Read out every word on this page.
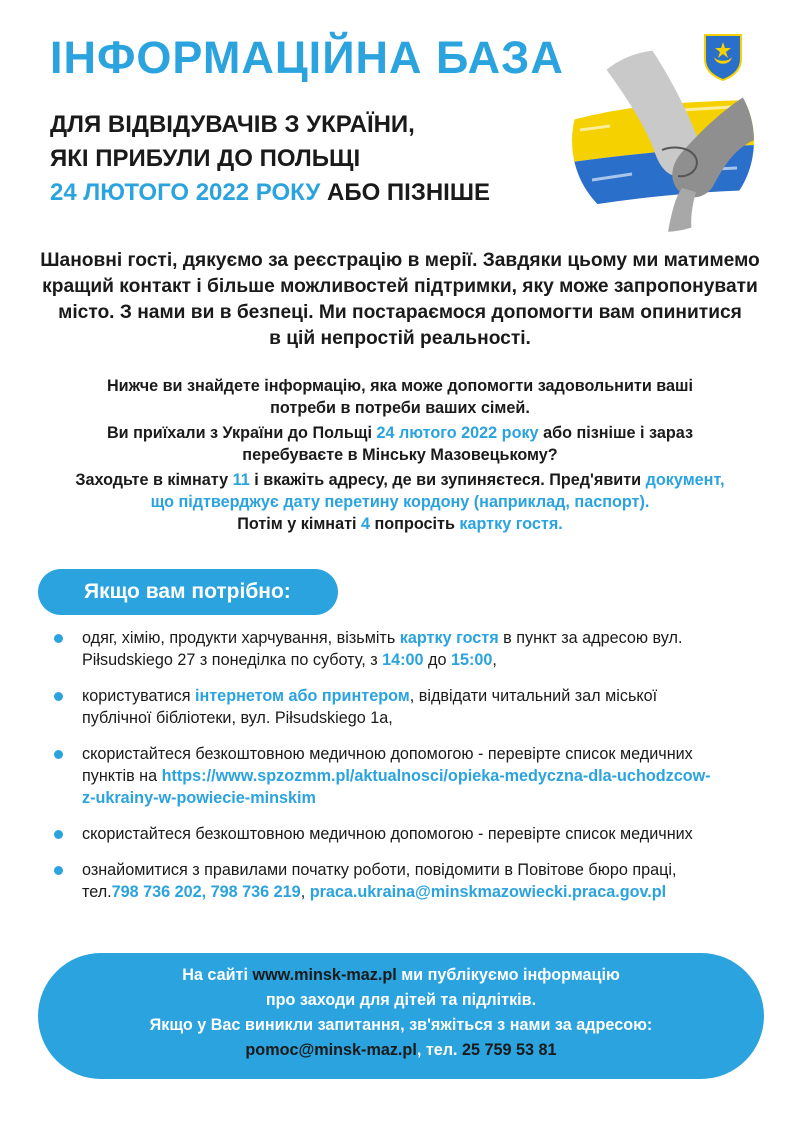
ІНФОРМАЦІЙНА БАЗА
ДЛЯ ВІДВІДУВАЧІВ З УКРАЇНИ,
ЯКІ ПРИБУЛИ ДО ПОЛЬЩІ
24 ЛЮТОГО 2022 РОКУ АБО ПІЗНІШЕ
Шановні гості, дякуємо за реєстрацію в мерії. Завдяки цьому ми матимемо
кращий контакт і більше можливостей підтримки, яку може запропонувати
місто. З нами ви в безпеці. Ми постараємося допомогти вам опинитися
в цій непростій реальності.

Нижче ви знайдете інформацію, яка може допомогти задовольнити ваші
потреби в потреби ваших сімей.

Ви приїхали з України до Польщі 24 лютого 2022 року або пізніше і зараз
перебуваєте в Мінську Мазовецькому?

Заходьте в кімнату 11 і вкажіть адресу, де ви зупиняєтеся. Пред'явити документ,
що підтверджує дату перетину кордону (наприклад, паспорт).
Потім у кімнаті 4 попросіть картку гостя.

Якщо вам потрібно:
одяг, хімію, продукти харчування, візьміть картку гостя в пункт за адресою вул.
Piłsudskiego 27 з понеділка по суботу, з 14:00 до 15:00,
користуватися інтернетом або принтером, відвідати читальний зал міської
публічної бібліотеки, вул. Piłsudskiego 1a,
скористайтеся безкоштовною медичною допомогою - перевірте список медичних
пунктів на https://www.spzozmm.pl/aktualnosci/opieka-medyczna-dla-uchodzcow-
z-ukrainy-w-powiecie-minskim
скористайтеся безкоштовною медичною допомогою - перевірте список медичних
ознайомитися з правилами початку роботи, повідомити в Повітове бюро праці,
тел.798 736 202, 798 736 219, praca.ukraina@minskmazowiecki.praca.gov.pl
На сайті www.minsk-maz.pl ми публікуємо інформацію
про заходи для дітей та підлітків.
Якщо у Вас виникли запитання, зв'яжіться з нами за адресою:
pomoc@minsk-maz.pl, тел. 25 759 53 81
